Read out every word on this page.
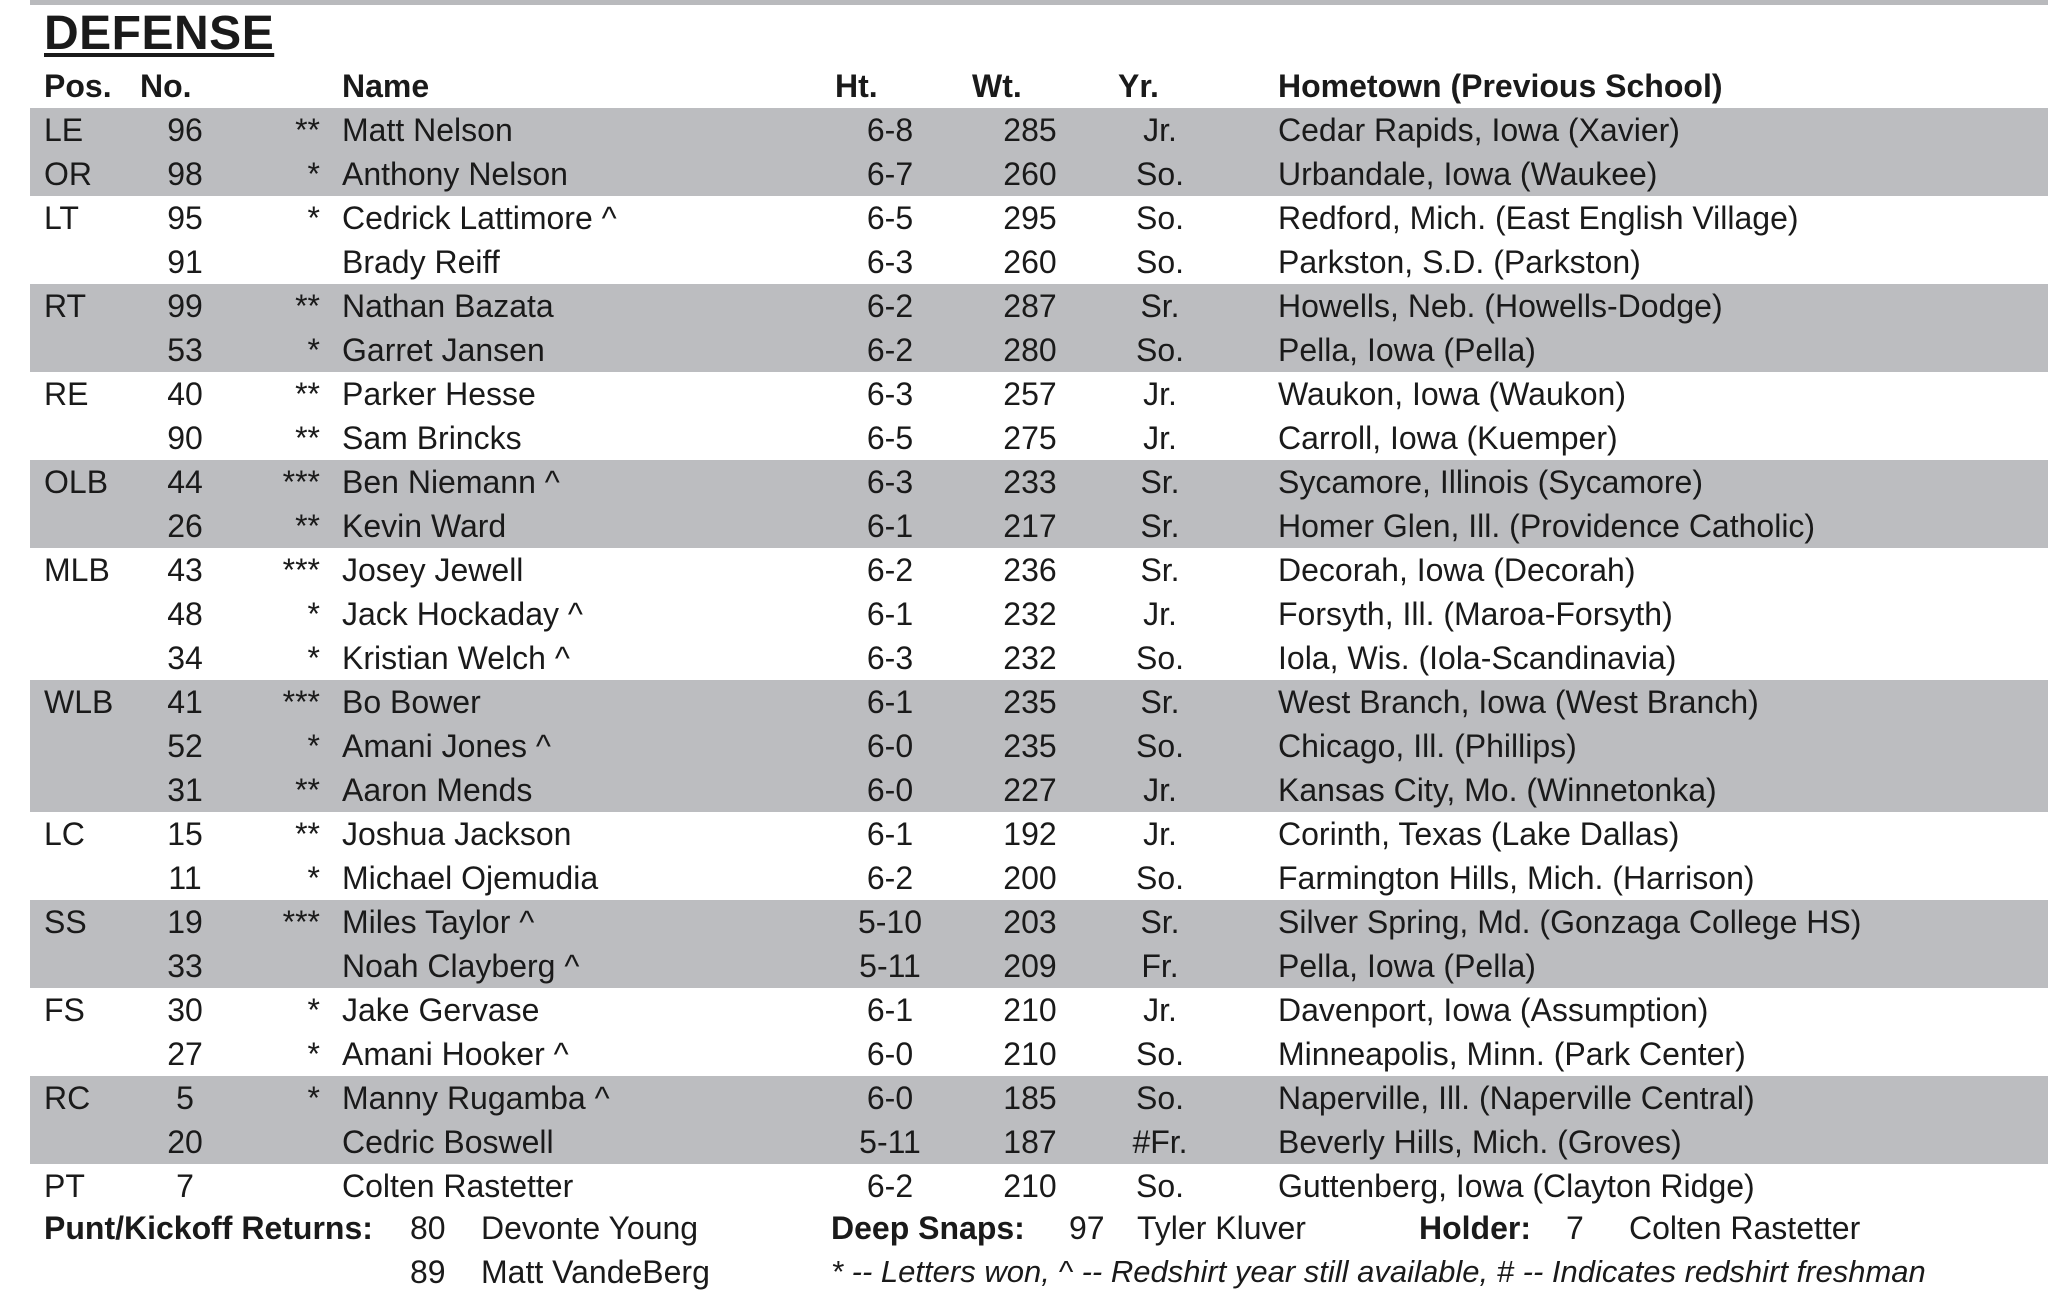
DEFENSE
Pos. No.	Name	Ht.	Wt.	Yr.	Hometown (Previous School)
LE	96	** Matt Nelson	6-8	285	Jr.	Cedar Rapids, Iowa (Xavier)
OR	98	* Anthony Nelson	6-7	260	So.	Urbandale, Iowa (Waukee)
LT	95	* Cedrick Lattimore ^	6-5	295	So.	Redford, Mich. (East English Village)
91	Brady Reiff	6-3	260	So.	Parkston, S.D. (Parkston)
RT	99	** Nathan Bazata	6-2	287	Sr.	Howells, Neb. (Howells-Dodge)
53	* Garret Jansen	6-2	280	So.	Pella, Iowa (Pella)
RE	40	** Parker Hesse	6-3	257	Jr.	Waukon, Iowa (Waukon)
90	** Sam Brincks	6-5	275	Jr.	Carroll, Iowa (Kuemper)
OLB	44	*** Ben Niemann ^	6-3	233	Sr.	Sycamore, Illinois (Sycamore)
26	** Kevin Ward	6-1	217	Sr.	Homer Glen, Ill. (Providence Catholic)
MLB	43	*** Josey Jewell	6-2	236	Sr.	Decorah, Iowa (Decorah)
48	* Jack Hockaday ^	6-1	232	Jr.	Forsyth, Ill. (Maroa-Forsyth)
34	* Kristian Welch ^	6-3	232	So.	Iola, Wis. (Iola-Scandinavia)
WLB	41	*** Bo Bower	6-1	235	Sr.	West Branch, Iowa (West Branch)
52	* Amani Jones ^	6-0	235	So.	Chicago, Ill. (Phillips)
31	** Aaron Mends	6-0	227	Jr.	Kansas City, Mo. (Winnetonka)
LC	15	** Joshua Jackson	6-1	192	Jr.	Corinth, Texas (Lake Dallas)
11	* Michael Ojemudia	6-2	200	So.	Farmington Hills, Mich. (Harrison)
SS	19	*** Miles Taylor ^	5-10	203	Sr.	Silver Spring, Md. (Gonzaga College HS)
33	Noah Clayberg ^	5-11	209	Fr.	Pella, Iowa (Pella)
FS	30	* Jake Gervase	6-1	210	Jr.	Davenport, Iowa (Assumption)
27	* Amani Hooker ^	6-0	210	So.	Minneapolis, Minn. (Park Center)
RC	5	* Manny Rugamba ^	6-0	185	So.	Naperville, Ill. (Naperville Central)
20	Cedric Boswell	5-11	187	#Fr.	Beverly Hills, Mich. (Groves)
PT	7	Colten Rastetter	6-2	210	So.	Guttenberg, Iowa (Clayton Ridge)
Punt/Kickoff Returns: 80 Devonte Young	Deep Snaps: 97 Tyler Kluver	Holder: 7 Colten Rastetter
89 Matt VandeBerg	* -- Letters won, ^ -- Redshirt year still available, # -- Indicates redshirt freshman
